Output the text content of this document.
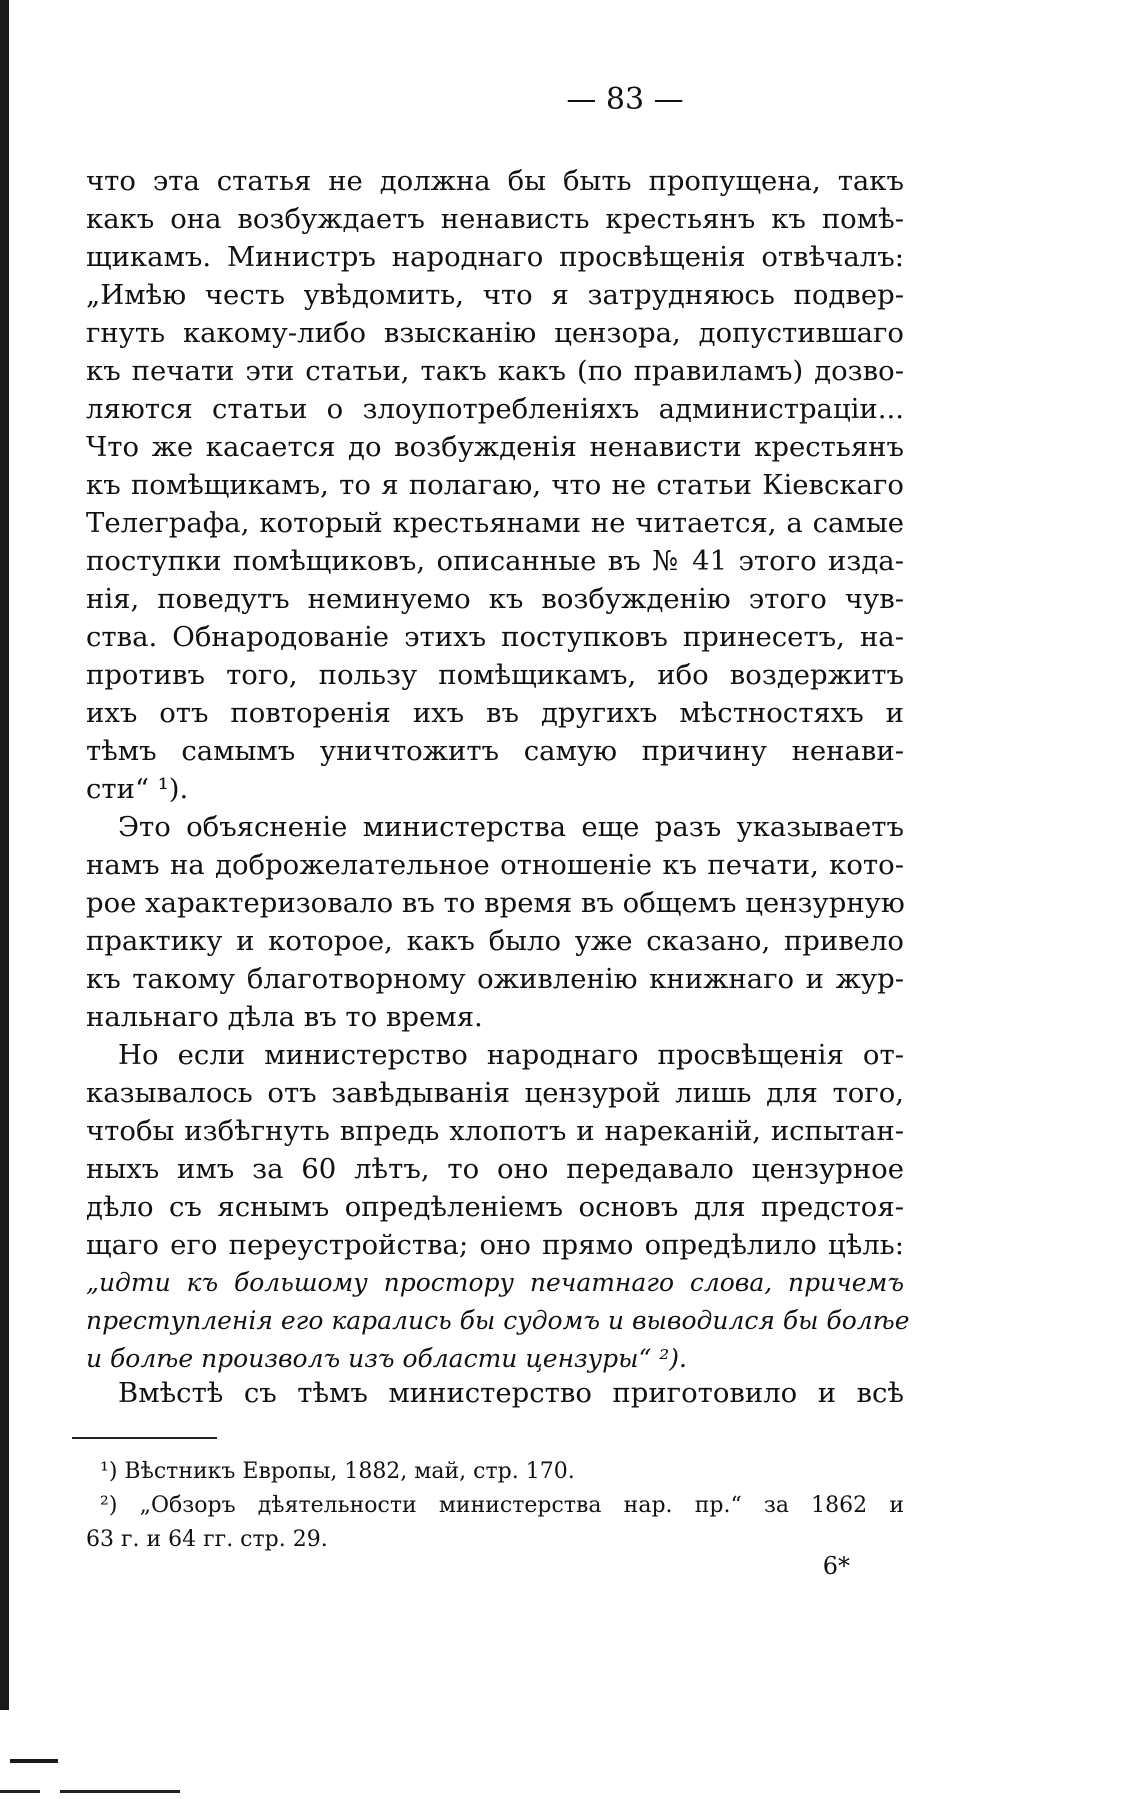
— 83 —
что эта статья не должна бы быть пропущена, такъ
какъ она возбуждаетъ ненависть крестьянъ къ помѣ-
щикамъ. Министръ народнаго просвѣщенія отвѣчалъ:
„Имѣю честь увѣдомить, что я затрудняюсь подвер-
гнуть какому-либо взысканію цензора, допустившаго
къ печати эти статьи, такъ какъ (по правиламъ) дозво-
ляются статьи о злоупотребленіяхъ администраціи...
Что же касается до возбужденія ненависти крестьянъ
къ помѣщикамъ, то я полагаю, что не статьи Кіевскаго
Телеграфа, который крестьянами не читается, а самые
поступки помѣщиковъ, описанные въ № 41 этого изда-
нія, поведутъ неминуемо къ возбужденію этого чув-
ства. Обнародованіе этихъ поступковъ принесетъ, на-
противъ того, пользу помѣщикамъ, ибо воздержитъ
ихъ отъ повторенія ихъ въ другихъ мѣстностяхъ и
тѣмъ самымъ уничтожитъ самую причину ненави-
сти“ ¹).
Это объясненіе министерства еще разъ указываетъ
намъ на доброжелательное отношеніе къ печати, кото-
рое характеризовало въ то время въ общемъ цензурную
практику и которое, какъ было уже сказано, привело
къ такому благотворному оживленію книжнаго и жур-
нальнаго дѣла въ то время.
Но если министерство народнаго просвѣщенія от-
казывалось отъ завѣдыванія цензурой лишь для того,
чтобы избѣгнуть впредь хлопотъ и нареканій, испытан-
ныхъ имъ за 60 лѣтъ, то оно передавало цензурное
дѣло съ яснымъ опредѣленіемъ основъ для предстоя-
щаго его переустройства; оно прямо опредѣлило цѣль:
„идти къ большому простору печатнаго слова, причемъ
преступленія его карались бы судомъ и выводился бы болѣе
и болѣе произволъ изъ области цензуры“ ²).
Вмѣстѣ съ тѣмъ министерство приготовило и всѣ
¹) Вѣстникъ Европы, 1882, май, стр. 170.
²) „Обзоръ дѣятельности министерства нар. пр.“ за 1862 и
63 г. и 64 гг. стр. 29.
6*
